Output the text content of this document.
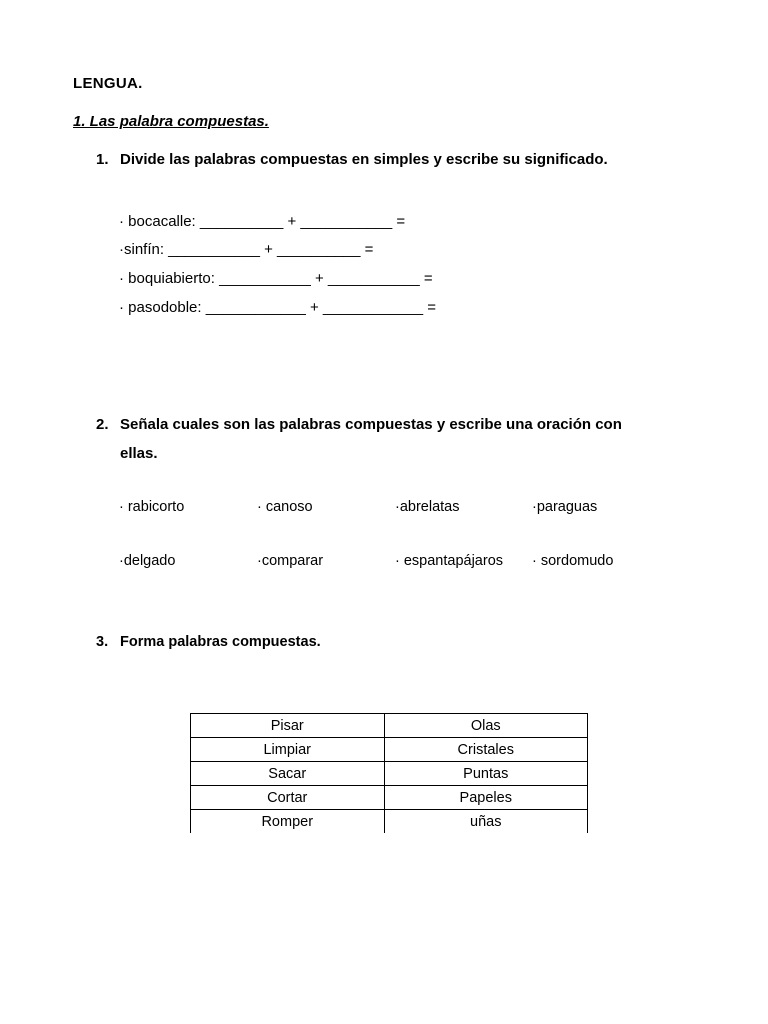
LENGUA.
1. Las palabra compuestas.
1. Divide las palabras compuestas en simples y escribe su significado.
· bocacalle: __________ + ___________ =
·sinfín: ___________ + __________ =
· boquiabierto: ___________ + ___________ =
· pasodoble: ____________ + ____________ =
2. Señala cuales son las palabras compuestas y escribe una oración con
ellas.
· rabicorto	· canoso	·abrelatas	·paraguas
·delgado	·comparar	· espantapájaros · sordomudo
3. Forma palabras compuestas.
Pisar	Olas
Limpiar	Cristales
Sacar	Puntas
Cortar	Papeles
Romper	uñas
